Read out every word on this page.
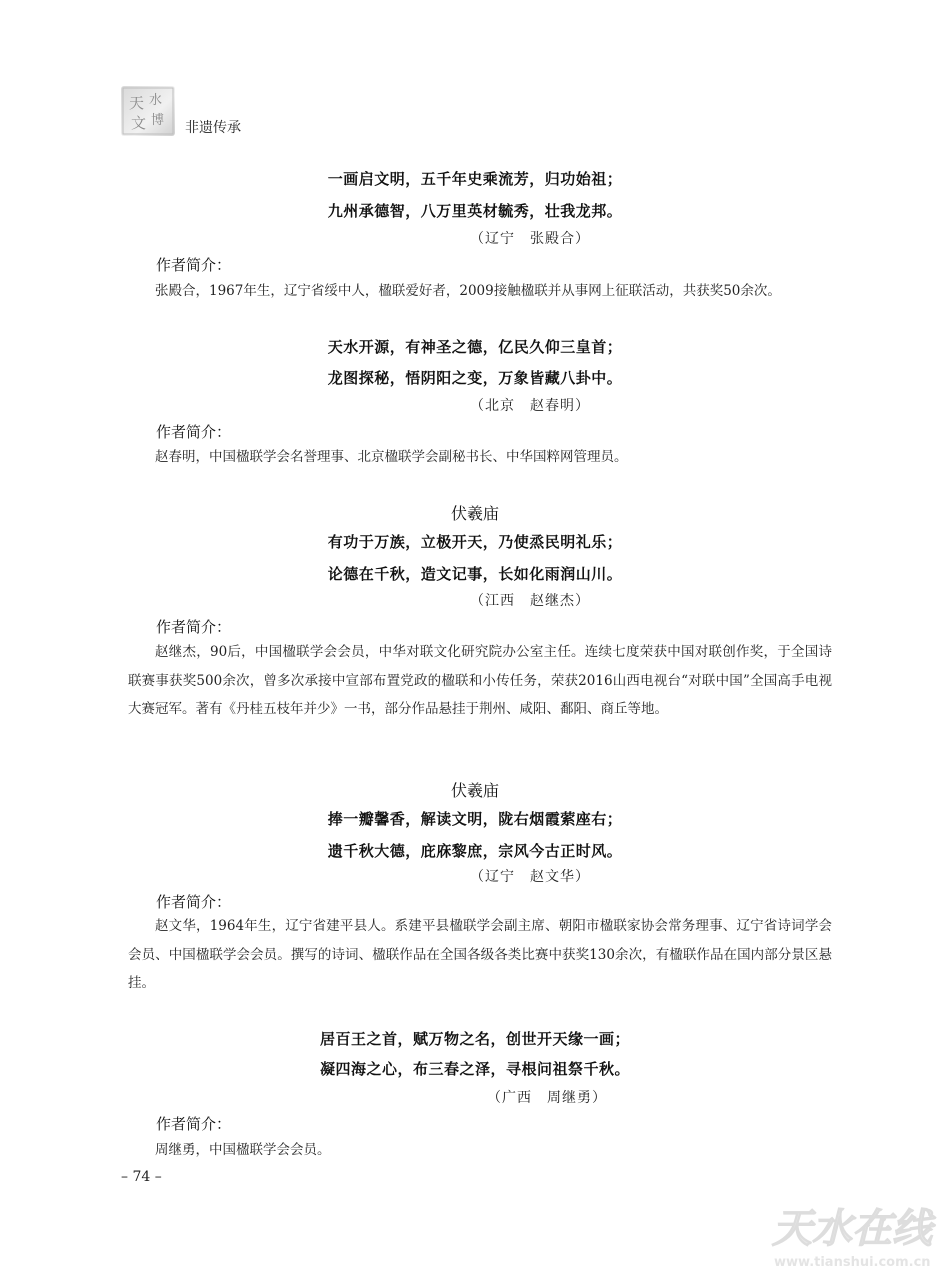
天 水
文 博 非遗传承
一画启文明，五千年史乘流芳，归功始祖；
九州承德智，八万里英材毓秀，壮我龙邦。
（辽宁　张殿合）
作者简介：

张殿合，1967年生，辽宁省绥中人，楹联爱好者，2009接触楹联并从事网上征联活动，共获奖50余次。

天水开源，有神圣之德，亿民久仰三皇首；
龙图探秘，悟阴阳之变，万象皆藏八卦中。
（北京　赵春明）
作者简介：

赵春明，中国楹联学会名誉理事、北京楹联学会副秘书长、中华国粹网管理员。

伏羲庙
有功于万族，立极开天，乃使烝民明礼乐；
论德在千秋，造文记事，长如化雨润山川。
（江西　赵继杰）
作者简介：

赵继杰，90后，中国楹联学会会员，中华对联文化研究院办公室主任。连续七度荣获中国对联创作奖，于全国诗联赛事获奖500余次，曾多次承接中宣部布置党政的楹联和小传任务，荣获2016山西电视台“对联中国”全国高手电视大赛冠军。著有《丹桂五枝年并少》一书，部分作品悬挂于荆州、咸阳、鄱阳、商丘等地。

伏羲庙
捧一瓣馨香，解读文明，陇右烟霞萦座右；
遗千秋大德，庇庥黎庶，宗风今古正时风。
（辽宁　赵文华）
作者简介：

赵文华，1964年生，辽宁省建平县人。系建平县楹联学会副主席、朝阳市楹联家协会常务理事、辽宁省诗词学会会员、中国楹联学会会员。撰写的诗词、楹联作品在全国各级各类比赛中获奖130余次，有楹联作品在国内部分景区悬挂。

居百王之首，赋万物之名，创世开天缘一画；
凝四海之心，布三春之泽，寻根问祖祭千秋。
（广西　周继勇）
作者简介：

周继勇，中国楹联学会会员。

– 74 –
天水在线
www.tianshui.com.cn
